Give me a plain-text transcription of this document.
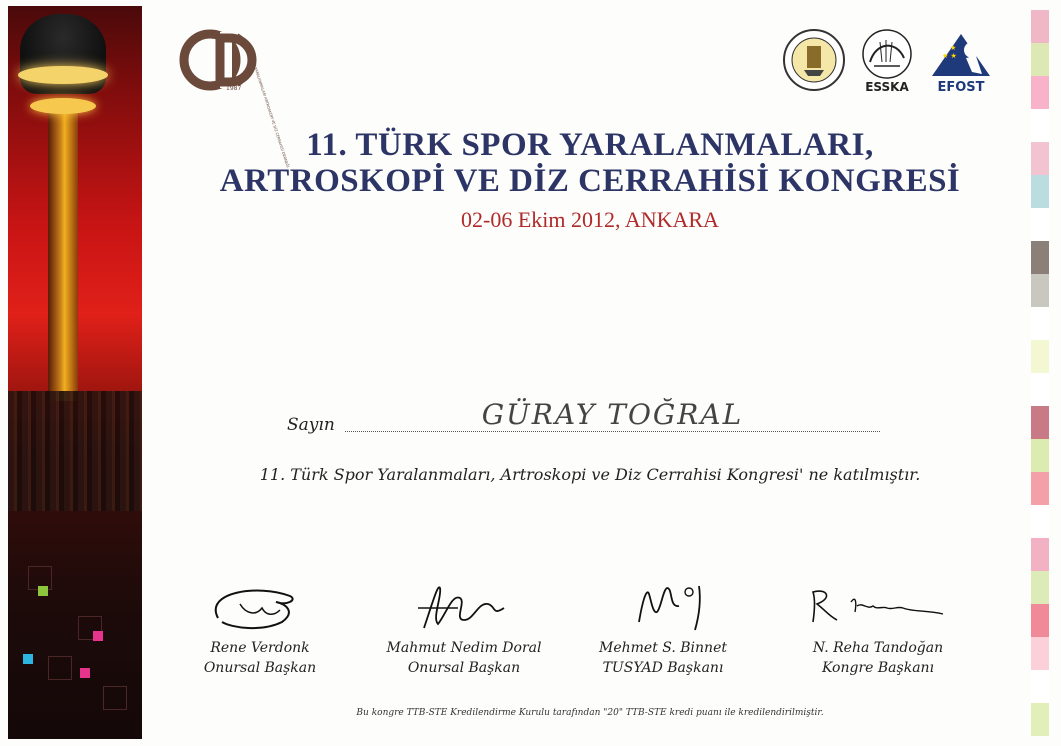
1987 TÜRKİYE SPOR YARALANMALARI ARTROSKOPİ VE DİZ CERRAHİSİ DERNEĞİ	ESSKA
★ ★
★
EFOST
11. TÜRK SPOR YARALANMALARI,
ARTROSKOPİ VE DİZ CERRAHİSİ KONGRESİ
02-06 Ekim 2012, ANKARA
Sayın	GÜRAY TOĞRAL
11. Türk Spor Yaralanmaları, Artroskopi ve Diz Cerrahisi Kongresi' ne katılmıştır.
Rene Verdonk
Onursal Başkan
Mahmut Nedim Doral
Onursal Başkan
Mehmet S. Binnet
TUSYAD Başkanı
N. Reha Tandoğan
Kongre Başkanı
Bu kongre TTB-STE Kredilendirme Kurulu tarafından "20" TTB-STE kredi puanı ile kredilendirilmiştir.
